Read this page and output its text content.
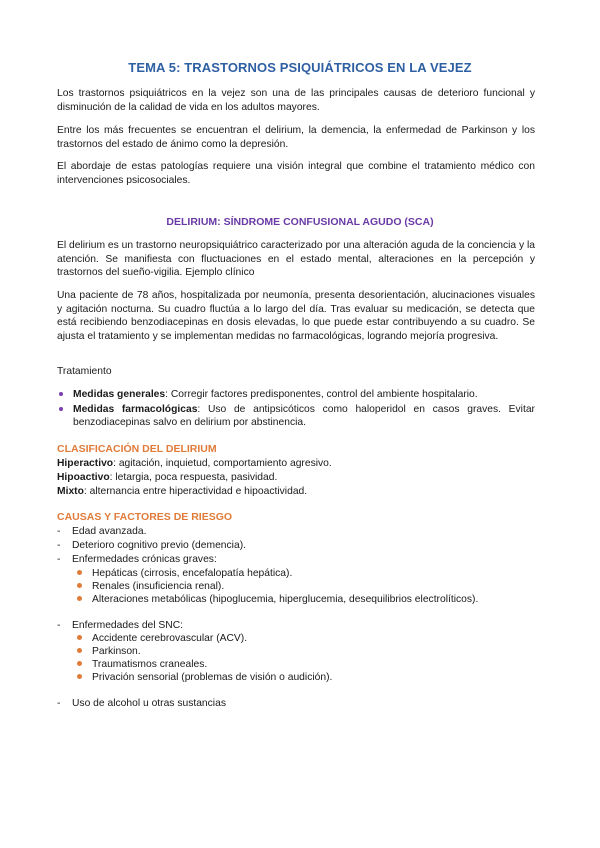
TEMA 5: TRASTORNOS PSIQUIÁTRICOS EN LA VEJEZ

Los trastornos psiquiátricos en la vejez son una de las principales causas de deterioro funcional y disminución de la calidad de vida en los adultos mayores.

Entre los más frecuentes se encuentran el delirium, la demencia, la enfermedad de Parkinson y los trastornos del estado de ánimo como la depresión.

El abordaje de estas patologías requiere una visión integral que combine el tratamiento médico con intervenciones psicosociales.

DELIRIUM: SÍNDROME CONFUSIONAL AGUDO (SCA)

El delirium es un trastorno neuropsiquiátrico caracterizado por una alteración aguda de la conciencia y la atención. Se manifiesta con fluctuaciones en el estado mental, alteraciones en la percepción y trastornos del sueño-vigilia. Ejemplo clínico

Una paciente de 78 años, hospitalizada por neumonía, presenta desorientación, alucinaciones visuales y agitación nocturna. Su cuadro fluctúa a lo largo del día. Tras evaluar su medicación, se detecta que está recibiendo benzodiacepinas en dosis elevadas, lo que puede estar contribuyendo a su cuadro. Se ajusta el tratamiento y se implementan medidas no farmacológicas, logrando mejoría progresiva.

Tratamiento
Medidas generales: Corregir factores predisponentes, control del ambiente hospitalario.
Medidas farmacológicas: Uso de antipsicóticos como haloperidol en casos graves. Evitar benzodiacepinas salvo en delirium por abstinencia.
CLASIFICACIÓN DEL DELIRIUM
Hiperactivo: agitación, inquietud, comportamiento agresivo.
Hipoactivo: letargia, poca respuesta, pasividad.
Mixto: alternancia entre hiperactividad e hipoactividad.
CAUSAS Y FACTORES DE RIESGO
- Edad avanzada.
- Deterioro cognitivo previo (demencia).
- Enfermedades crónicas graves:
Hepáticas (cirrosis, encefalopatía hepática).
Renales (insuficiencia renal).
Alteraciones metabólicas (hipoglucemia, hiperglucemia, desequilibrios electrolíticos).
- Enfermedades del SNC:
Accidente cerebrovascular (ACV).
Parkinson.
Traumatismos craneales.
Privación sensorial (problemas de visión o audición).
- Uso de alcohol u otras sustancias
